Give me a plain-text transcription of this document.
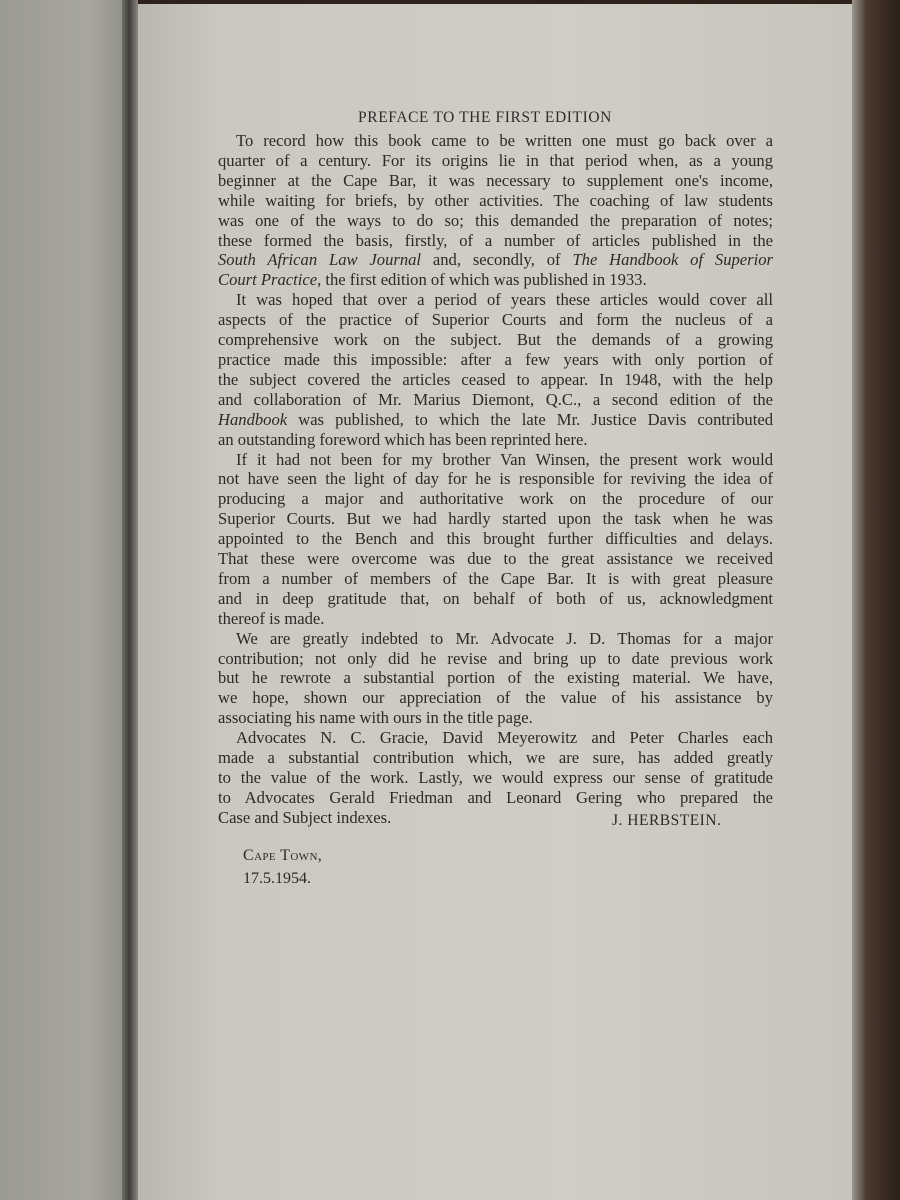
PREFACE TO THE FIRST EDITION
To record how this book came to be written one must go back over a
quarter of a century. For its origins lie in that period when, as a young
beginner at the Cape Bar, it was necessary to supplement one's income,
while waiting for briefs, by other activities. The coaching of law students
was one of the ways to do so; this demanded the preparation of notes;
these formed the basis, firstly, of a number of articles published in the
South African Law Journal and, secondly, of The Handbook of Superior
Court Practice, the first edition of which was published in 1933.
It was hoped that over a period of years these articles would cover all
aspects of the practice of Superior Courts and form the nucleus of a
comprehensive work on the subject. But the demands of a growing
practice made this impossible: after a few years with only portion of
the subject covered the articles ceased to appear. In 1948, with the help
and collaboration of Mr. Marius Diemont, Q.C., a second edition of the
Handbook was published, to which the late Mr. Justice Davis contributed
an outstanding foreword which has been reprinted here.
If it had not been for my brother Van Winsen, the present work would
not have seen the light of day for he is responsible for reviving the idea of
producing a major and authoritative work on the procedure of our
Superior Courts. But we had hardly started upon the task when he was
appointed to the Bench and this brought further difficulties and delays.
That these were overcome was due to the great assistance we received
from a number of members of the Cape Bar. It is with great pleasure
and in deep gratitude that, on behalf of both of us, acknowledgment
thereof is made.
We are greatly indebted to Mr. Advocate J. D. Thomas for a major
contribution; not only did he revise and bring up to date previous work
but he rewrote a substantial portion of the existing material. We have,
we hope, shown our appreciation of the value of his assistance by
associating his name with ours in the title page.
Advocates N. C. Gracie, David Meyerowitz and Peter Charles each
made a substantial contribution which, we are sure, has added greatly
to the value of the work. Lastly, we would express our sense of gratitude
to Advocates Gerald Friedman and Leonard Gering who prepared the
Case and Subject indexes.	J. HERBSTEIN.
Cape Town,
17.5.1954.
